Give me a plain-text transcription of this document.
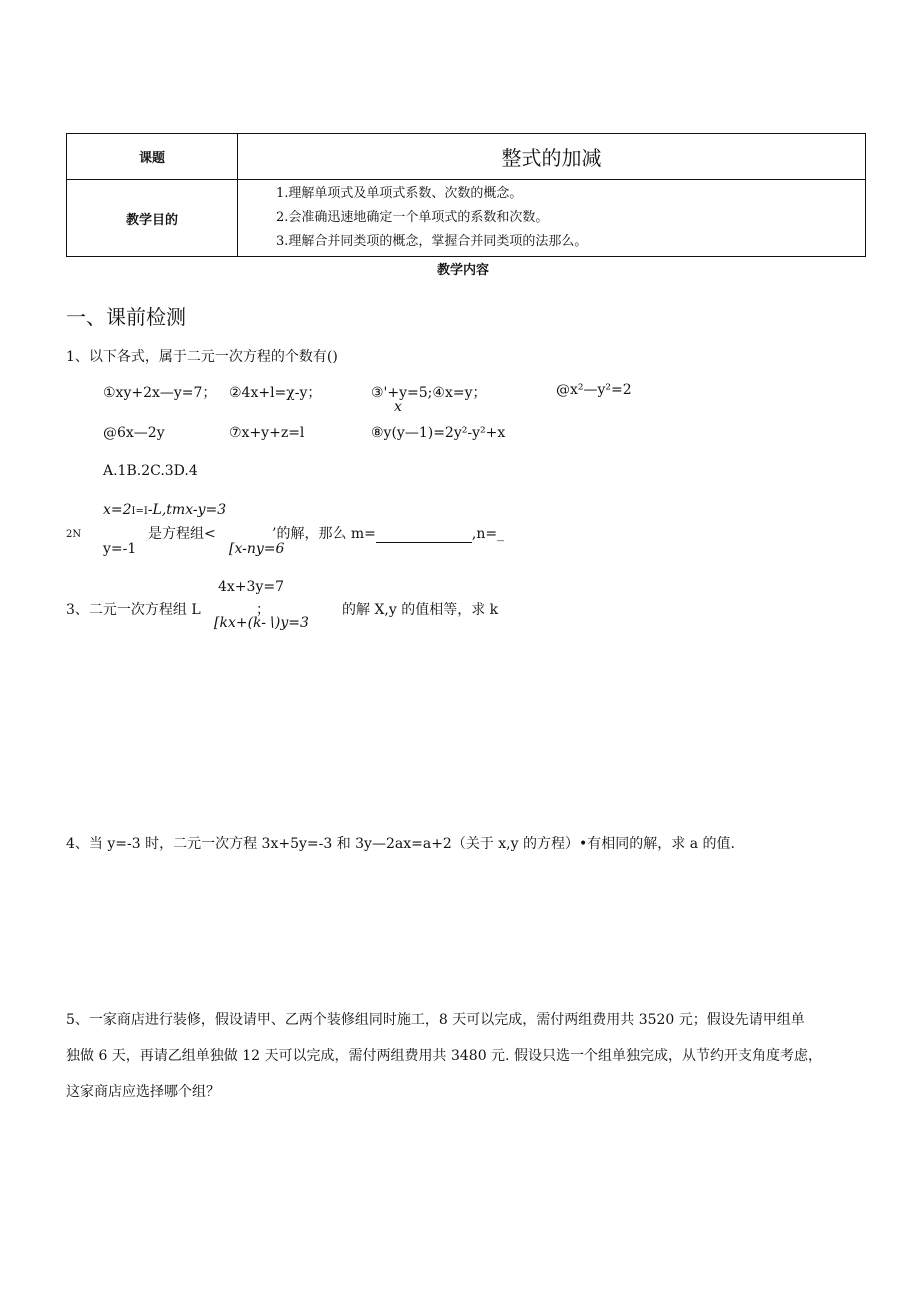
课题	整式的加减
教学目的	1.理解单项式及单项式系数、次数的概念。
2.会准确迅速地确定一个单项式的系数和次数。
3.理解合并同类项的概念，掌握合并同类项的法那么。
教学内容
一、课前检测
1、以下各式，属于二元一次方程的个数有()
①xy+2x—y=7； ②4x+l=χ-y；	③'+y=5;④x=y；
x
@x²—y²=2
@6x—2y	⑦x+y+z=l	⑧y(y—1)=2y²-y²+x
A.1B.2C.3D.4
x=2I=I-L,tmx-y=3
2N	是方程组<	’的解，那么 m=	,n=_
y=-1	[x-ny=6
4x+3y=7
3、二元一次方程组 L	；	的解 X,y 的值相等，求 k
[kx+(k-∖)y=3
4、当 y=-3 时，二元一次方程 3x+5y=-3 和 3y—2ax=a+2（关于 x,y 的方程）•有相同的解，求 a 的值.
5、一家商店进行装修，假设请甲、乙两个装修组同时施工，8 天可以完成，需付两组费用共 3520 元；假设先请甲组单
独做 6 天，再请乙组单独做 12 天可以完成，需付两组费用共 3480 元. 假设只选一个组单独完成，从节约开支角度考虑，
这家商店应选择哪个组？
